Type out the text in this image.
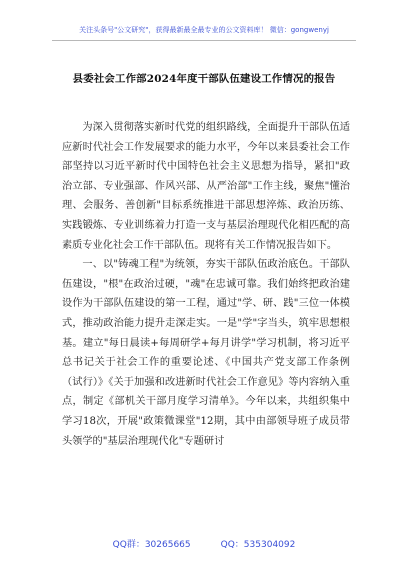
关注头条号"公文研究"，获得最新最全最专业的公文资料库！ 微信：gongwenyj
县委社会工作部2024年度干部队伍建设工作情况的报告

为深入贯彻落实新时代党的组织路线，全面提升干部队伍适应新时代社会工作发展要求的能力水平，今年以来县委社会工作部坚持以习近平新时代中国特色社会主义思想为指导，紧扣"政治立部、专业强部、作风兴部、从严治部"工作主线，聚焦"懂治理、会服务、善创新"目标系统推进干部思想淬炼、政治历练、实践锻炼、专业训练着力打造一支与基层治理现代化相匹配的高素质专业化社会工作干部队伍。现将有关工作情况报告如下。

一、以"铸魂工程"为统领，夯实干部队伍政治底色。干部队伍建设，"根"在政治过硬，"魂"在忠诚可靠。我们始终把政治建设作为干部队伍建设的第一工程，通过"学、研、践"三位一体模式，推动政治能力提升走深走实。一是"学"字当头，筑牢思想根基。建立"每日晨读+每周研学+每月讲学"学习机制，将习近平总书记关于社会工作的重要论述、《中国共产党支部工作条例（试行）》《关于加强和改进新时代社会工作意见》等内容纳入重点，制定《部机关干部月度学习清单》。今年以来，共组织集中学习18次，开展"政策微课堂"12期，其中由部领导班子成员带头领学的"基层治理现代化"专题研讨

QQ群：30265665	QQ：535304092
